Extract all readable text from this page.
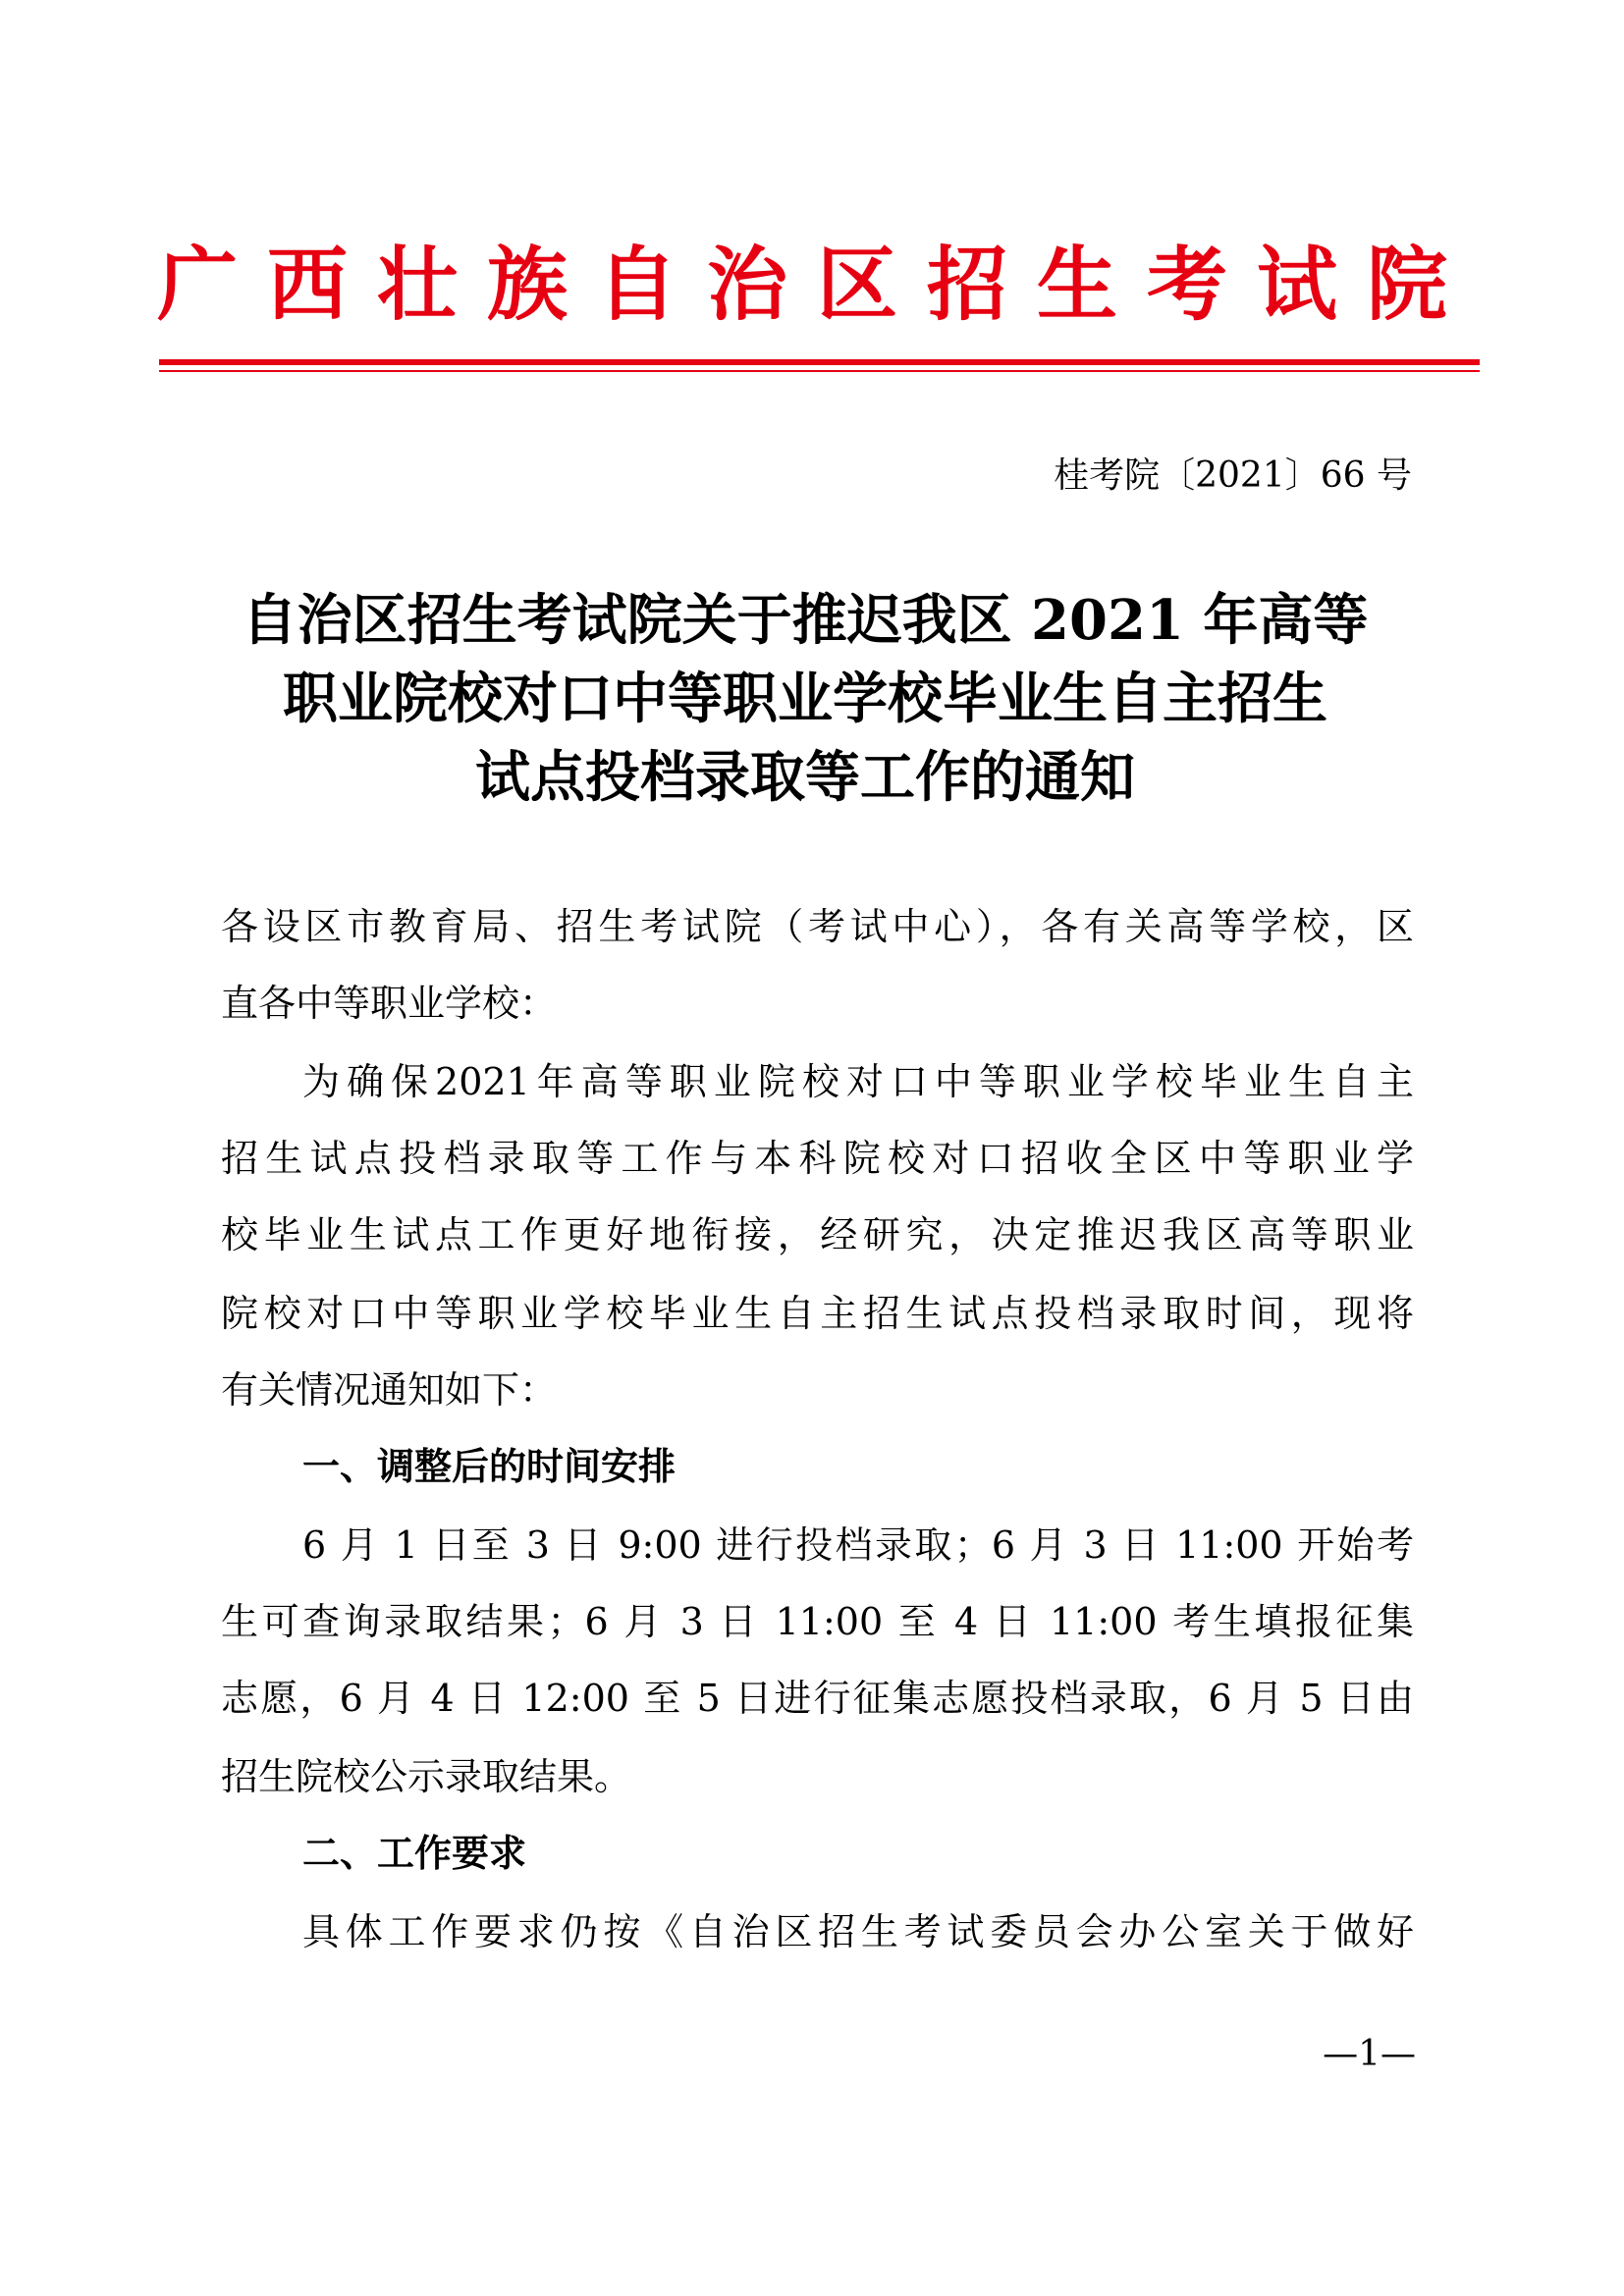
广西壮族自治区招生考试院
桂考院〔2021〕66 号
自治区招生考试院关于推迟我区 2021 年高等
职业院校对口中等职业学校毕业生自主招生
试点投档录取等工作的通知
各设区市教育局、招生考试院（考试中心），各有关高等学校，区
直各中等职业学校：
为确保2021年高等职业院校对口中等职业学校毕业生自主
招生试点投档录取等工作与本科院校对口招收全区中等职业学
校毕业生试点工作更好地衔接，经研究，决定推迟我区高等职业
院校对口中等职业学校毕业生自主招生试点投档录取时间，现将
有关情况通知如下：
一、调整后的时间安排
6 月 1 日至 3 日 9:00 进行投档录取；6 月 3 日 11:00 开始考
生可查询录取结果；6 月 3 日 11:00 至 4 日 11:00 考生填报征集
志愿，6 月 4 日 12:00 至 5 日进行征集志愿投档录取，6 月 5 日由
招生院校公示录取结果。
二、工作要求
具体工作要求仍按《自治区招生考试委员会办公室关于做好
—1—
